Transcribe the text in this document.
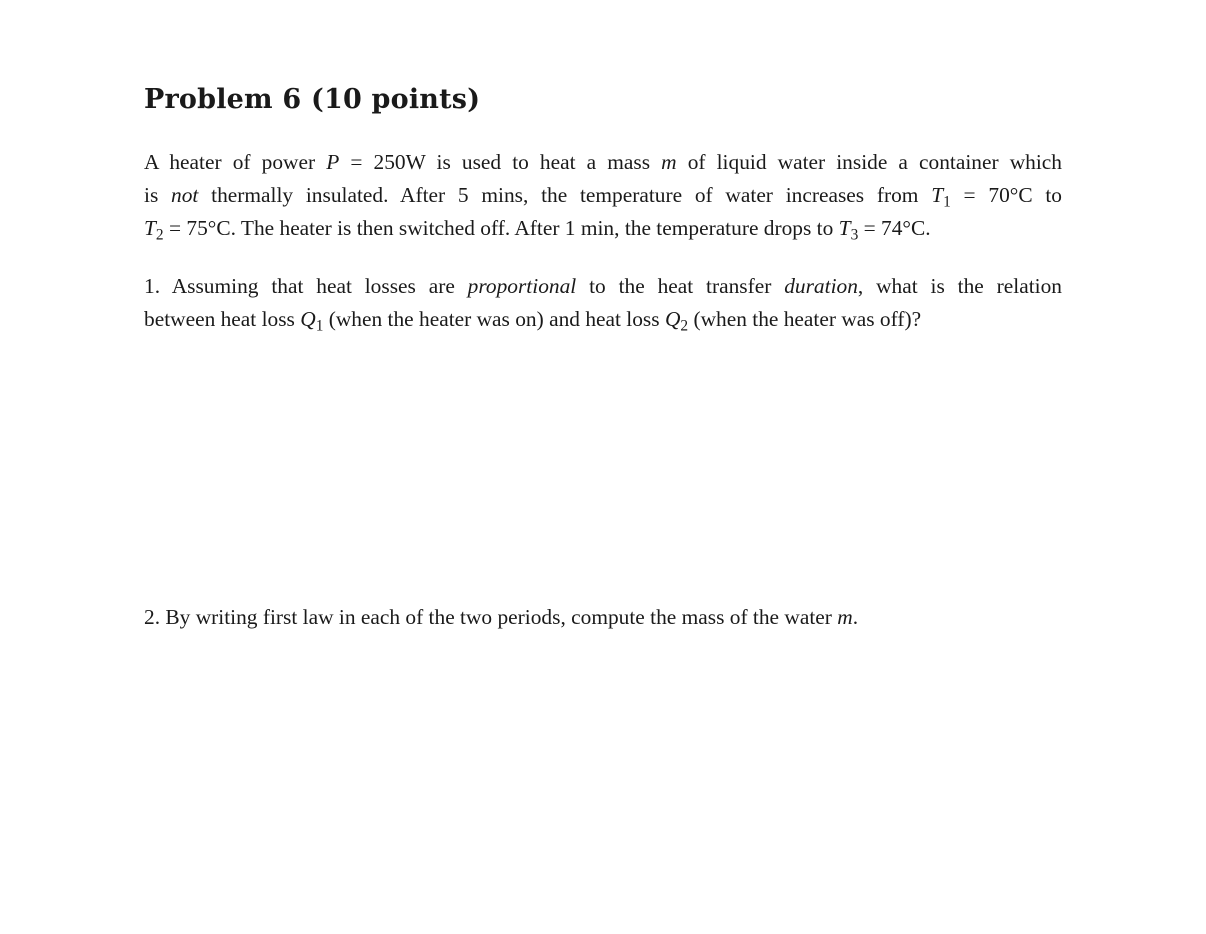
Problem 6 (10 points)
A heater of power P = 250W is used to heat a mass m of liquid water inside a container which
is not thermally insulated. After 5 mins, the temperature of water increases from $T_1 = 70^\circ C$ to
$T_2 = 75^\circ C$. The heater is then switched off. After 1 min, the temperature drops to $T_3 = 74^\circ C$.
1. Assuming that heat losses are proportional to the heat transfer duration, what is the relation
between heat loss $Q_1$ (when the heater was on) and heat loss $Q_2$ (when the heater was off)?
2. By writing first law in each of the two periods, compute the mass of the water m.
